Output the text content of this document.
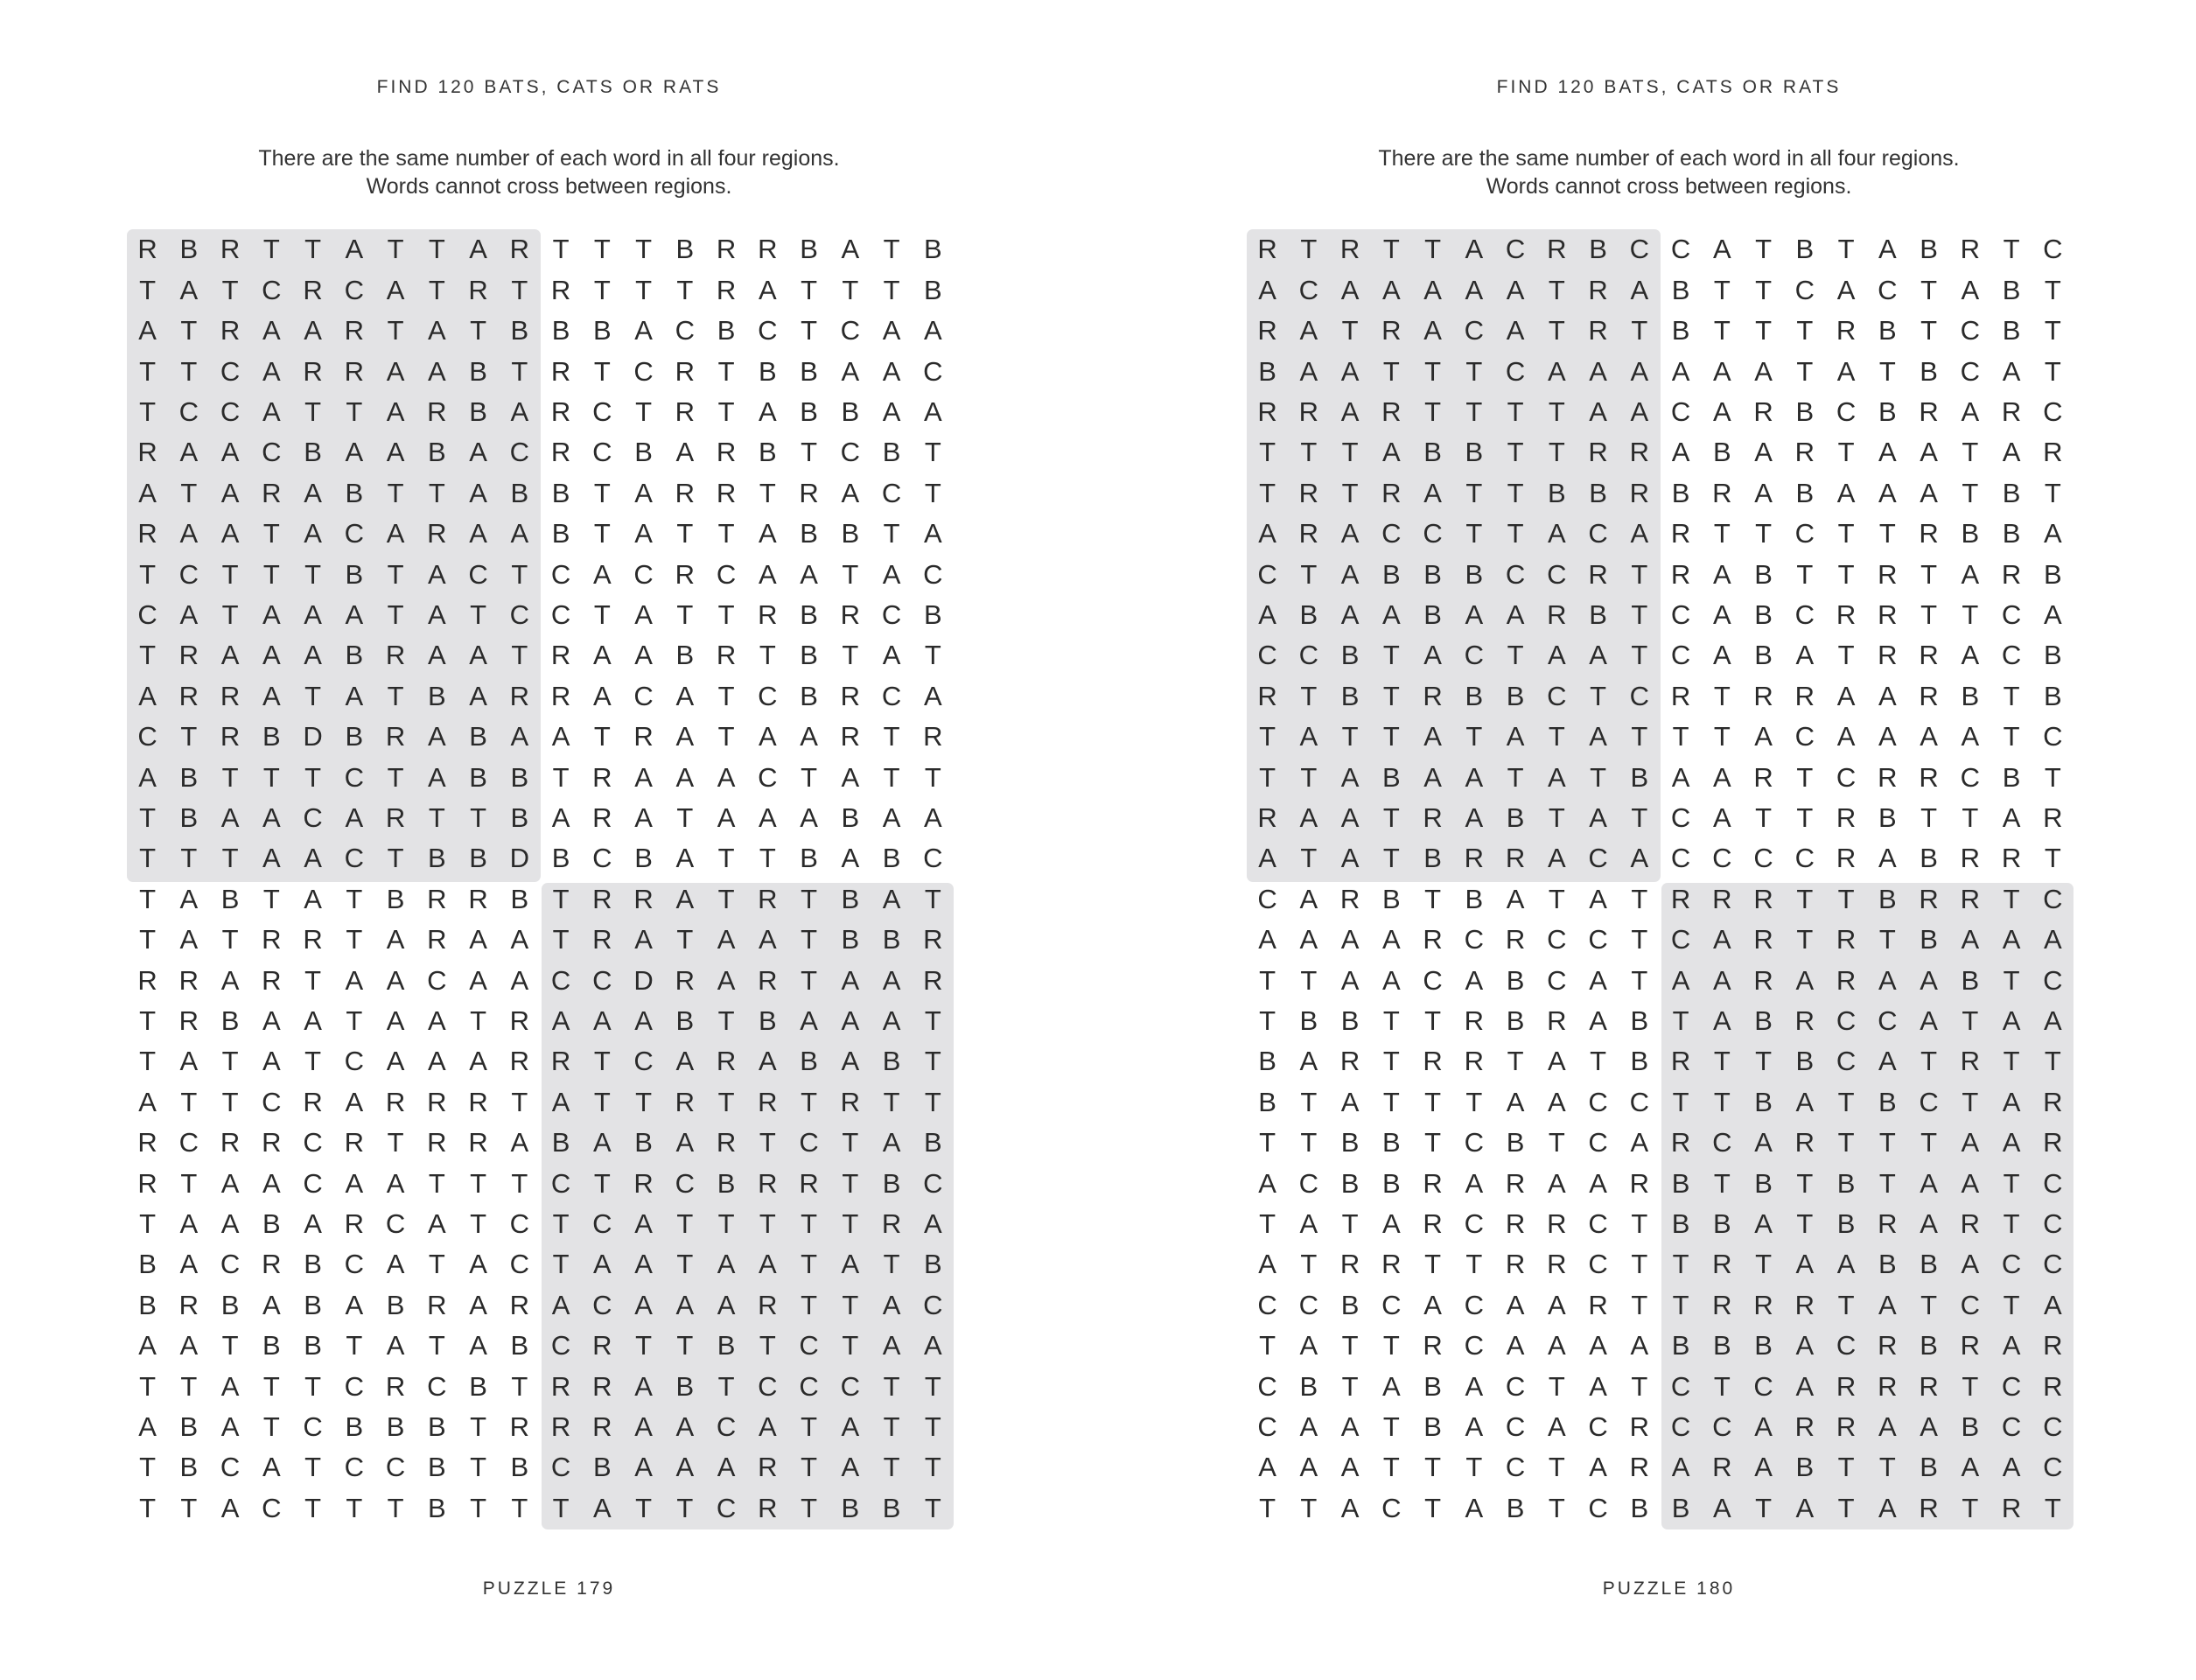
FIND 120 BATS, CATS OR RATS
There are the same number of each word in all four regions.
Words cannot cross between regions.
R B R T T A T T A R T T T B R R B A T B
T A T C R C A T R T R T T T R A T T T B
A T R A A R T A T B B B A C B C T C A A
T T C A R R A A B T R T C R T B B A A C
T C C A T T A R B A R C T R T A B B A A
R A A C B A A B A C R C B A R B T C B T
A T A R A B T T A B B T A R R T R A C T
R A A T A C A R A A B T A T T A B B T A
T C T T T B T A C T C A C R C A A T A C
C A T A A A T A T C C T A T T R B R C B
T R A A A B R A A T R A A B R T B T A T
A R R A T A T B A R R A C A T C B R C A
C T R B D B R A B A A T R A T A A R T R
A B T T T C T A B B T R A A A C T A T T
T B A A C A R T T B A R A T A A A B A A
T T T A A C T B B D B C B A T T B A B C
T A B T A T B R R B T R R A T R T B A T
T A T R R T A R A A T R A T A A T B B R
R R A R T A A C A A C C D R A R T A A R
T R B A A T A A T R A A A B T B A A A T
T A T A T C A A A R R T C A R A B A B T
A T T C R A R R R T A T T R T R T R T T
R C R R C R T R R A B A B A R T C T A B
R T A A C A A T T T C T R C B R R T B C
T A A B A R C A T C T C A T T T T T R A
B A C R B C A T A C T A A T A A T A T B
B R B A B A B R A R A C A A A R T T A C
A A T B B T A T A B C R T T B T C T A A
T T A T T C R C B T R R A B T C C C T T
A B A T C B B B T R R R A A C A T A T T
T B C A T C C B T B C B A A A R T A T T
T T A C T T T B T T T A T T C R T B B T
PUZZLE 179
FIND 120 BATS, CATS OR RATS
There are the same number of each word in all four regions.
Words cannot cross between regions.
R T R T T A C R B C C A T B T A B R T C
A C A A A A A T R A B T T C A C T A B T
R A T R A C A T R T B T T T R B T C B T
B A A T T T C A A A A A A T A T B C A T
R R A R T T T T A A C A R B C B R A R C
T T T A B B T T R R A B A R T A A T A R
T R T R A T T B B R B R A B A A A T B T
A R A C C T T A C A R T T C T T R B B A
C T A B B B C C R T R A B T T R T A R B
A B A A B A A R B T C A B C R R T T C A
C C B T A C T A A T C A B A T R R A C B
R T B T R B B C T C R T R R A A R B T B
T A T T A T A T A T T T A C A A A A T C
T T A B A A T A T B A A R T C R R C B T
R A A T R A B T A T C A T T R B T T A R
A T A T B R R A C A C C C C R A B R R T
C A R B T B A T A T R R R T T B R R T C
A A A A R C R C C T C A R T R T B A A A
T T A A C A B C A T A A R A R A A B T C
T B B T T R B R A B T A B R C C A T A A
B A R T R R T A T B R T T B C A T R T T
B T A T T T A A C C T T B A T B C T A R
T T B B T C B T C A R C A R T T T A A R
A C B B R A R A A R B T B T B T A A T C
T A T A R C R R C T B B A T B R A R T C
A T R R T T R R C T T R T A A B B A C C
C C B C A C A A R T T R R R T A T C T A
T A T T R C A A A A B B B A C R B R A R
C B T A B A C T A T C T C A R R R T C R
C A A T B A C A C R C C A R R A A B C C
A A A T T T C T A R A R A B T T B A A C
T T A C T A B T C B B A T A T A R T R T
PUZZLE 180
